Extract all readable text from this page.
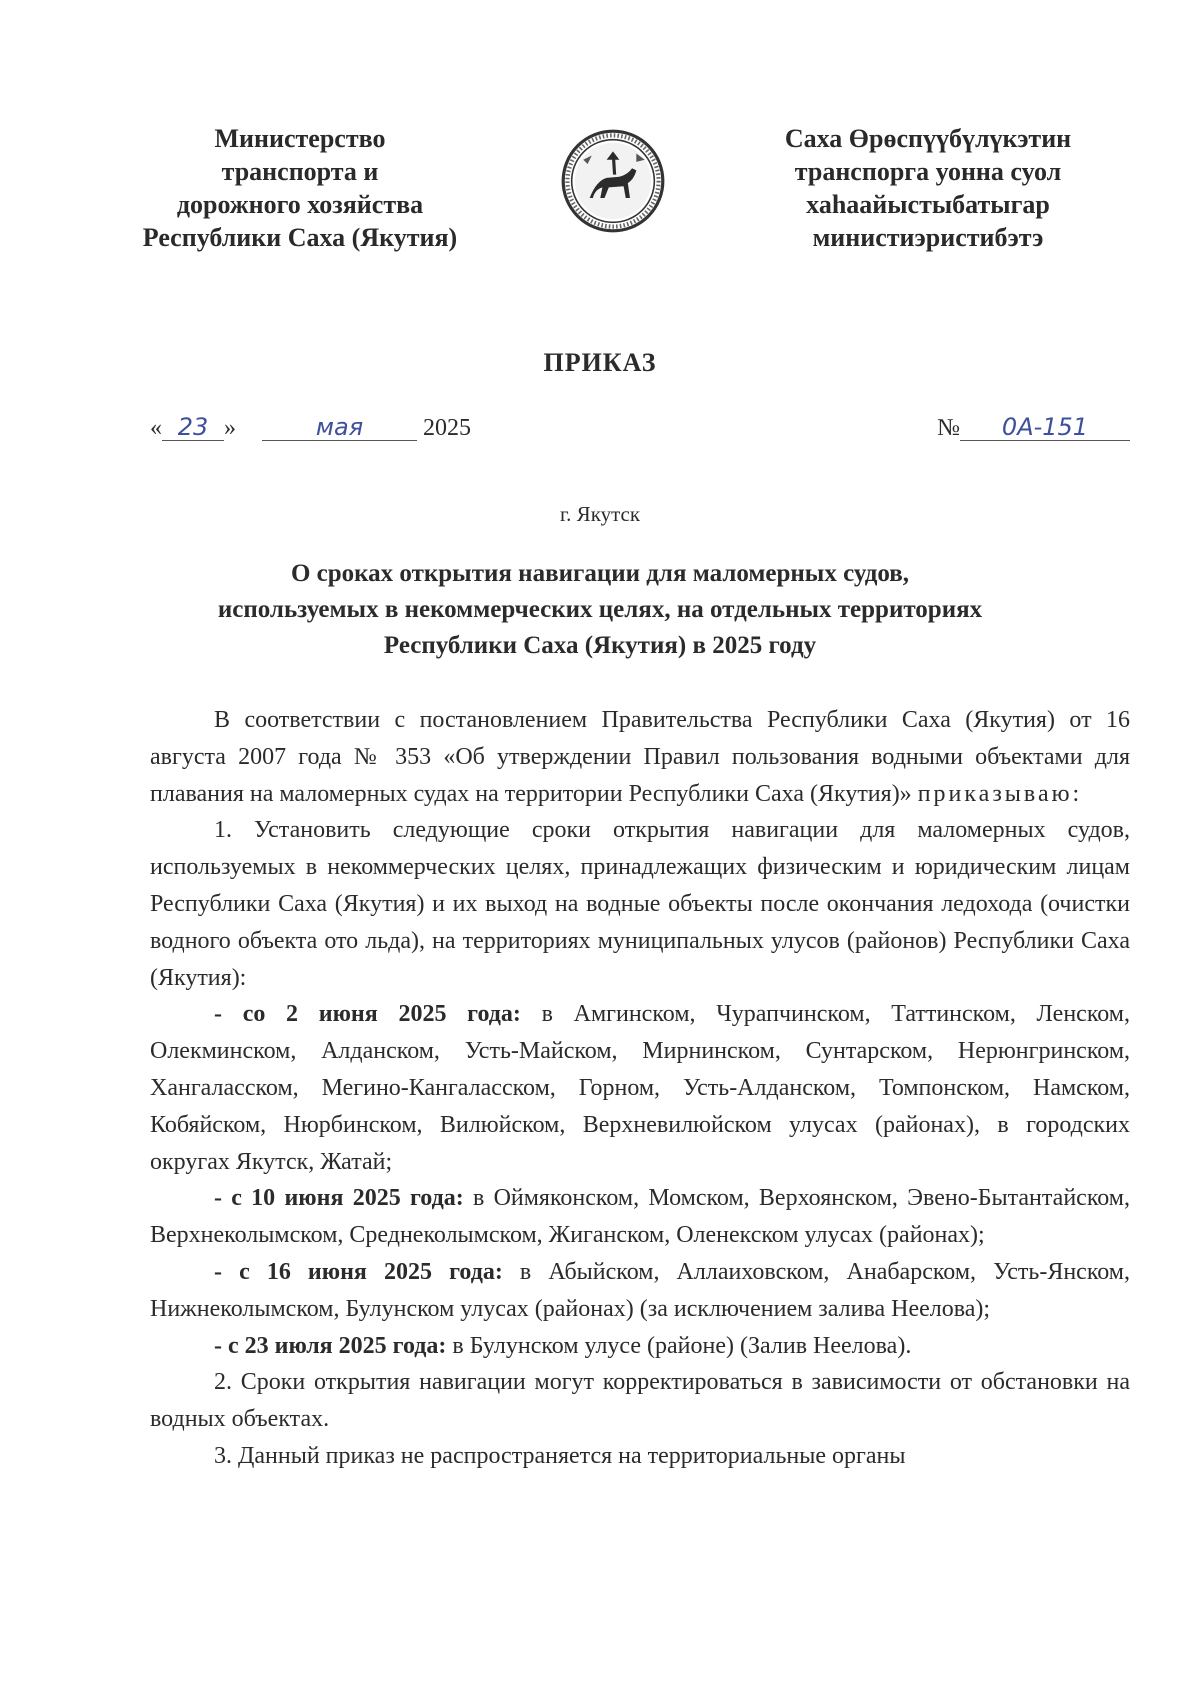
Министерство
транспорта и
дорожного хозяйства
Республики Саха (Якутия)
Саха Өрөспүүбүлүкэтин
транспорга уонна суол
хаһаайыстыбатыгар
министиэристибэтэ
ПРИКАЗ
« 23 »	мая 2025	№ 0A-151
г. Якутск
О сроках открытия навигации для маломерных судов,
используемых в некоммерческих целях, на отдельных территориях
Республики Саха (Якутия) в 2025 году

В соответствии с постановлением Правительства Республики Саха (Якутия) от 16 августа 2007 года № 353 «Об утверждении Правил пользования водными объектами для плавания на маломерных судах на территории Республики Саха (Якутия)» приказываю:

1. Установить следующие сроки открытия навигации для маломерных судов, используемых в некоммерческих целях, принадлежащих физическим и юридическим лицам Республики Саха (Якутия) и их выход на водные объекты после окончания ледохода (очистки водного объекта ото льда), на территориях муниципальных улусов (районов) Республики Саха (Якутия):

- со 2 июня 2025 года: в Амгинском, Чурапчинском, Таттинском, Ленском, Олекминском, Алданском, Усть-Майском, Мирнинском, Сунтарском, Нерюнгринском, Хангаласском, Мегино-Кангаласском, Горном, Усть-Алданском, Томпонском, Намском, Кобяйском, Нюрбинском, Вилюйском, Верхневилюйском улусах (районах), в городских округах Якутск, Жатай;

- с 10 июня 2025 года: в Оймяконском, Момском, Верхоянском, Эвено-Бытантайском, Верхнеколымском, Среднеколымском, Жиганском, Оленекском улусах (районах);

- с 16 июня 2025 года: в Абыйском, Аллаиховском, Анабарском, Усть-Янском, Нижнеколымском, Булунском улусах (районах) (за исключением залива Неелова);

- с 23 июля 2025 года: в Булунском улусе (районе) (Залив Неелова).

2. Сроки открытия навигации могут корректироваться в зависимости от обстановки на водных объектах.

3. Данный приказ не распространяется на территориальные органы
